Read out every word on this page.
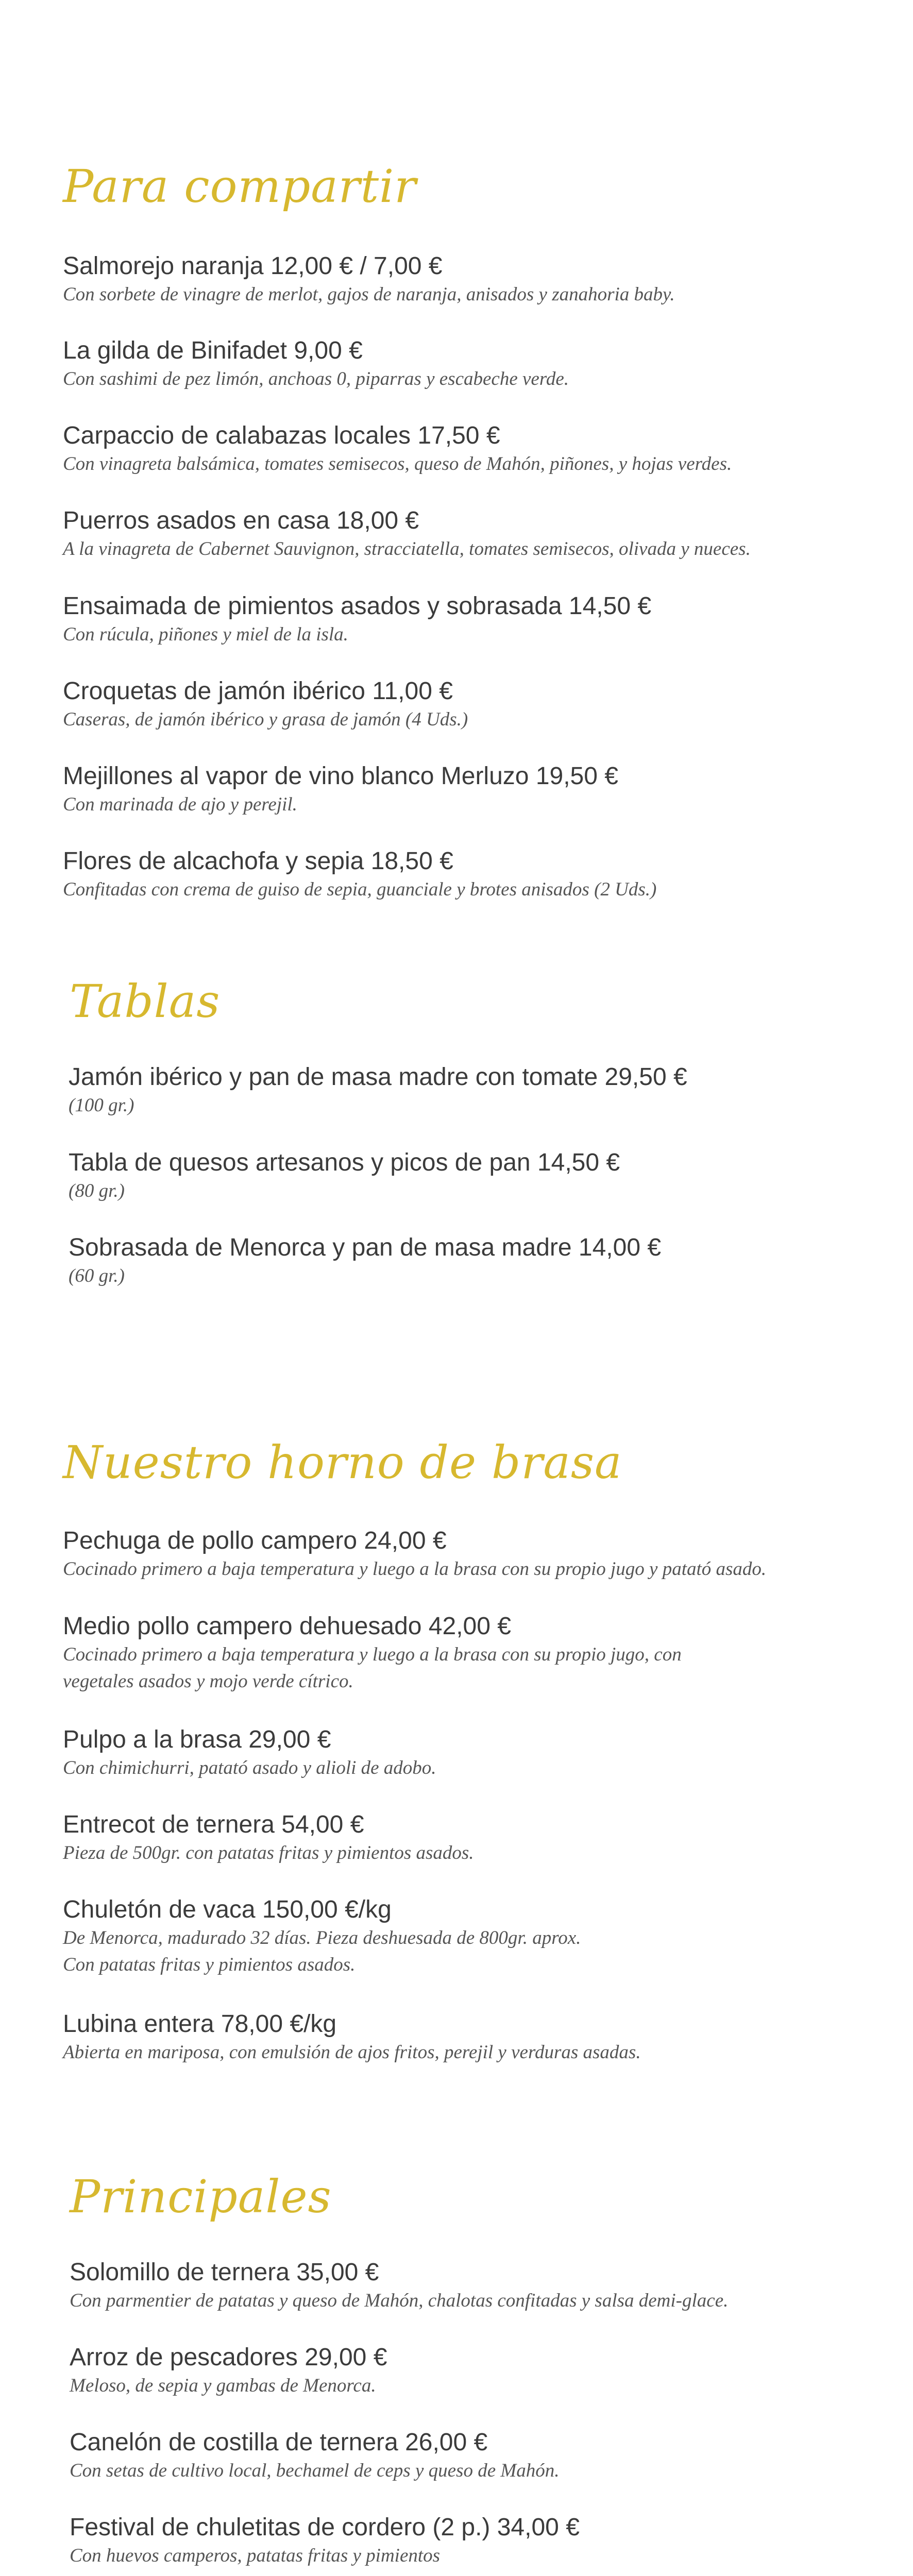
Para compartir

Salmorejo naranja 12,00 € / 7,00 €

Con sorbete de vinagre de merlot, gajos de naranja, anisados y zanahoria baby.

La gilda de Binifadet 9,00 €

Con sashimi de pez limón, anchoas 0, piparras y escabeche verde.

Carpaccio de calabazas locales 17,50 €

Con vinagreta balsámica, tomates semisecos, queso de Mahón, piñones, y hojas verdes.

Puerros asados en casa 18,00 €

A la vinagreta de Cabernet Sauvignon, stracciatella, tomates semisecos, olivada y nueces.

Ensaimada de pimientos asados y sobrasada 14,50 €

Con rúcula, piñones y miel de la isla.

Croquetas de jamón ibérico 11,00 €

Caseras, de jamón ibérico y grasa de jamón (4 Uds.)

Mejillones al vapor de vino blanco Merluzo 19,50 €

Con marinada de ajo y perejil.

Flores de alcachofa y sepia 18,50 €

Confitadas con crema de guiso de sepia, guanciale y brotes anisados (2 Uds.)

Tablas

Jamón ibérico y pan de masa madre con tomate 29,50 €

(100 gr.)

Tabla de quesos artesanos y picos de pan 14,50 €

(80 gr.)

Sobrasada de Menorca y pan de masa madre 14,00 €

(60 gr.)

Nuestro horno de brasa

Pechuga de pollo campero 24,00 €

Cocinado primero a baja temperatura y luego a la brasa con su propio jugo y patató asado.

Medio pollo campero dehuesado 42,00 €

Cocinado primero a baja temperatura y luego a la brasa con su propio jugo, con
vegetales asados y mojo verde cítrico.

Pulpo a la brasa 29,00 €

Con chimichurri, patató asado y alioli de adobo.

Entrecot de ternera 54,00 €

Pieza de 500gr. con patatas fritas y pimientos asados.

Chuletón de vaca 150,00 €/kg

De Menorca, madurado 32 días. Pieza deshuesada de 800gr. aprox.
Con patatas fritas y pimientos asados.

Lubina entera 78,00 €/kg

Abierta en mariposa, con emulsión de ajos fritos, perejil y verduras asadas.

Principales

Solomillo de ternera 35,00 €

Con parmentier de patatas y queso de Mahón, chalotas confitadas y salsa demi-glace.

Arroz de pescadores 29,00 €

Meloso, de sepia y gambas de Menorca.

Canelón de costilla de ternera 26,00 €

Con setas de cultivo local, bechamel de ceps y queso de Mahón.

Festival de chuletitas de cordero (2 p.) 34,00 €

Con huevos camperos, patatas fritas y pimientos
